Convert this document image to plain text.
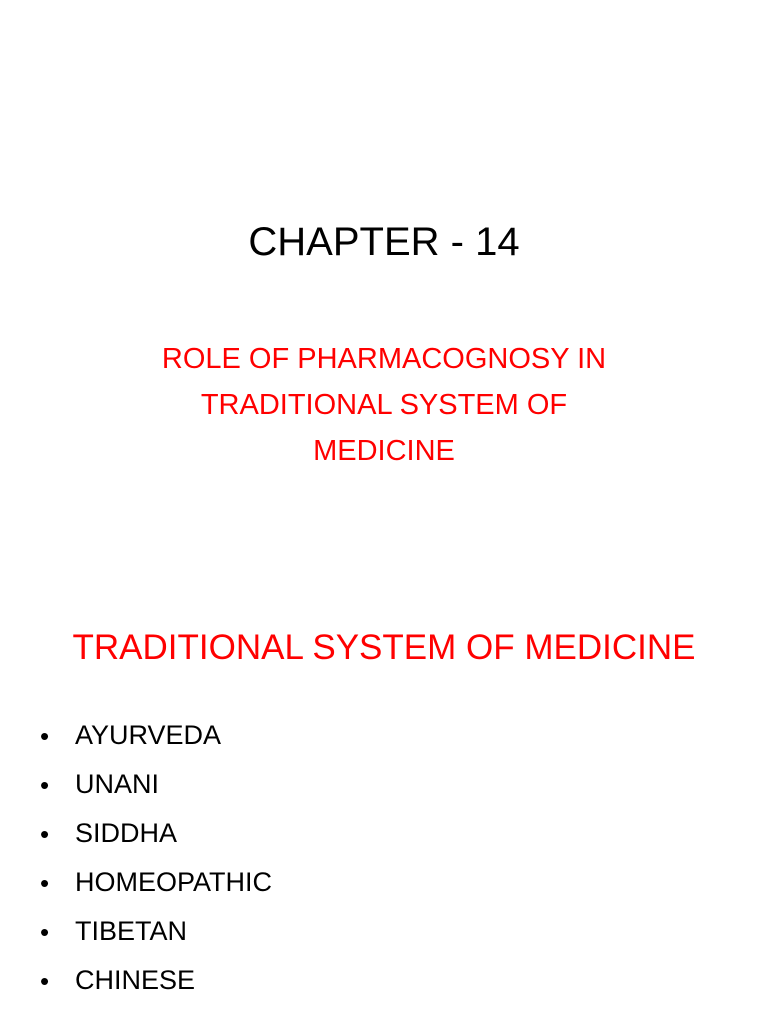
CHAPTER - 14
ROLE OF PHARMACOGNOSY IN
TRADITIONAL SYSTEM OF
MEDICINE
TRADITIONAL SYSTEM OF MEDICINE
• AYURVEDA
• UNANI
• SIDDHA
• HOMEOPATHIC
• TIBETAN
• CHINESE
